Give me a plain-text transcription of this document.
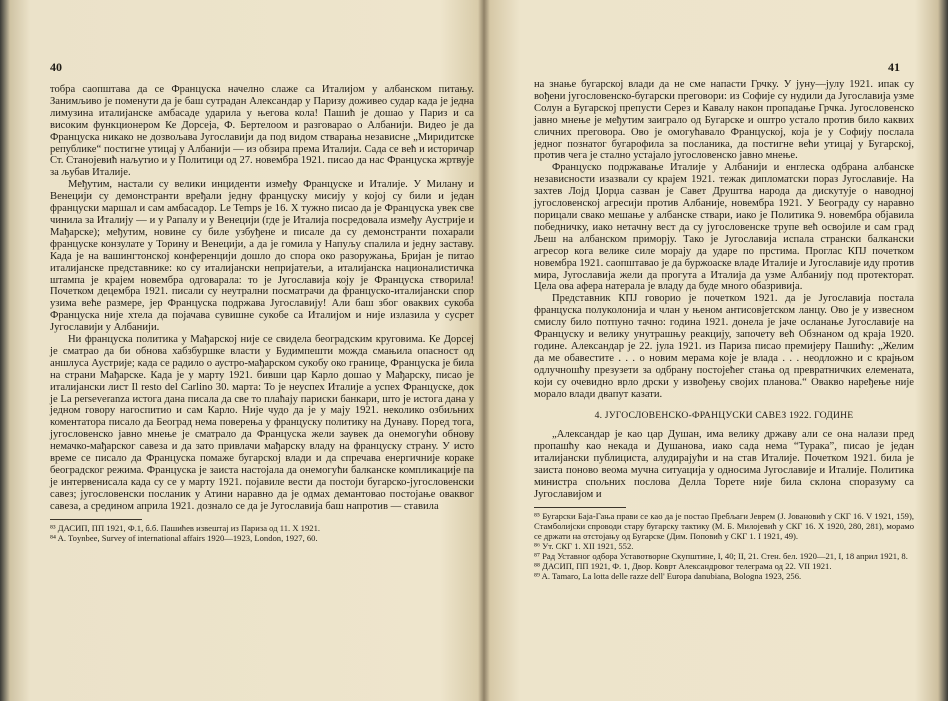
40

тобра саопштава да се Француска начелно слаже са Италијом у албанском питању. Занимљиво је поменути да је баш сутрадан Александар у Паризу доживео судар када је једна лимузина италијанске амбасаде ударила у његова кола! Пашић је дошао у Париз и са високим функционером Ке Дорсеја, Ф. Бертелоом и разговарао о Албанији. Видео је да Француска никако не дозвољава Југославији да под видом стварања независне „Миридитске републике“ постигне утицај у Албанији — из обзира према Италији. Сада се већ и историчар Ст. Станојевић наљутио и у Политици од 27. новембра 1921. писао да нас Француска жртвује за љубав Италије.

Међутим, настали су велики инциденти између Француске и Италије. У Милану и Венецији су демонстранти вређали једну француску мисију у којој су били и један француски маршал и сам амбасадор. Le Temps је 16. X тужно писао да је Француска увек све чинила за Италију — и у Рапалу и у Венецији (где је Италија посредовала између Аустрије и Мађарске); међутим, новине су биле узбуђене и писале да су демонстранти похарали француске конзулате у Торину и Венецији, а да је гомила у Напуљу спалила и једну заставу. Када је на вашингтонској конференцији дошло до спора око разоружања, Бријан је питао италијанске представнике: ко су италијански непријатељи, а италијанска националистичка штампа је крајем новембра одговарала: то је Југославија коју је Француска створила! Почетком децембра 1921. писали су неутрални посматрачи да француско-италијански спор узима веће размере, јер Француска подржава Југославију! Али баш због оваквих сукоба Француска није хтела да појачава сувишне сукобе са Италијом и није излазила у сусрет Југославији у Албанији.

Ни француска политика у Мађарској није се свидела београдским круговима. Ке Дорсеј је сматрао да би обнова хабзбуршке власти у Будимпешти можда смањила опасност од аншлуса Аустрије; када се радило о аустро-мађарском сукобу око границе, Француска је била на страни Мађарске. Када је у марту 1921. бивши цар Карло дошао у Мађарску, писао је италијански лист Il resto del Carlino 30. марта: То је неуспех Италије а успех Француске, док је La perseveranza истога дана писала да све то плаћају париски банкари, што је истога дана у једном говору нагоспитио и сам Карло. Није чудо да је у мају 1921. неколико озбиљних коментатора писало да Београд нема поверења у француску политику на Дунаву. Поред тога, југословенско јавно мнење је сматрало да Француска жели заувек да онемогући обнову немачко-мађарског савеза и да зато привлачи мађарску владу на француску страну. У исто време се писало да Француска помаже бугарској влади и да спречава енергичније кораке београдског режима. Француска је заиста настојала да онемогући балканске компликације па је интервенисала када су се у марту 1921. појавиле вести да постоји бугарско-југословенски савез; југословенски посланик у Атини наравно да је одмах демантовао постојање оваквог савеза, а средином априла 1921. дознало се да је Југославија баш напротив — ставила

⁸³ ДАСИП, ПП 1921, Ф.1, б.б. Пашићев извештај из Париза од 11. X 1921.

⁸⁴ A. Toynbee, Survey of international affairs 1920—1923, London, 1927, 60.

41

на знање бугарској влади да не сме напасти Грчку. У јуну—јулу 1921. ипак су вођени југословенско-бугарски преговори: из Софије су нудили да Југославија узме Солун а Бугарској препусти Серез и Кавалу након пропадање Грчка. Југословенско јавно мнење је међутим заиграло од Бугарске и оштро устало против било каквих сличних преговора. Ово је омогућавало Француској, која је у Софију послала једног познатог бугарофила за посланика, да постигне већи утицај у Бугарској, против чега је стално устајало југословенско јавно мнење.

Француско подржавање Италије у Албанији и енглеска одбрана албанске независности изазвали су крајем 1921. тежак дипломатски пораз Југославије. На захтев Лојд Џорџа сазван је Савет Друштва народа да дискутује о наводној југословенској агресији против Албаније, новембра 1921. У Београду су наравно порицали свако мешање у албанске ствари, иако је Политика 9. новембра објавила победничку, иако нетачну вест да су југословенске трупе већ освојиле и сам град Љеш на албанском приморју. Тако је Југославија испала странски балкански агресор кога велике силе морају да ударе по прстима. Проглас КПЈ почетком новембра 1921. саопштавао је да буржоаске владе Италије и Југославије иду против мира, Југославија жели да прогута а Италија да узме Албанију под протекторат. Цела ова афера натерала је владу да буде много обазривија.

Представник КПЈ говорио је почетком 1921. да је Југославија постала француска полуколонија и члан у њеном антисовјетском ланцу. Ово је у извесном смислу било потпуно тачно: година 1921. донела је јаче осланање Југославије на Француску и велику унутрашњу реакцију, започету већ Обзнаном од краја 1920. године. Александар је 22. јула 1921. из Париза писао премијеру Пашићу: „Желим да ме обавестите . . . о новим мерама које је влада . . . неодложно и с крајњом одлучношћу презузети за одбрану постојећег стања од превратничких елемената, који су очевидно врло дрски у извођењу својих планова.“ Овакво наређење није морало влади двапут казати.

4. ЈУГОСЛОВЕНСКО-ФРАНЦУСКИ САВЕЗ 1922. ГОДИНЕ

„Александар је као цар Душан, има велику државу али се она налази пред пропашћу као некада и Душанова, иако сада нема “Турака”, писао је један италијански публициста, алудирајући и на став Италије. Почетком 1921. била је заиста поново веома мучна ситуација у односима Југославије и Италије. Политика министра спољних послова Делла Торете није била склона споразуму са Југославијом и

⁸⁵ Бугарски Бајa-Гања прави се као да је постао Пребљаги Јеврем (Ј. Јовановић у СКГ 16. V 1921, 159), Стамболијски спроводи стару бугарску тактику (М. Б. Милојевић у СКГ 16. X 1920, 280, 281), морамо се држати на отстојању од Бугарске (Дим. Поповић у СКГ 1. I 1921, 49).

⁸⁶ Ут. СКГ 1. XII 1921, 552.

⁸⁷ Рад Уставног одбора Уставотворне Скупштине, I, 40; II, 21. Стен. бел. 1920—21, I, 18 април 1921, 8.

⁸⁸ ДАСИП, ПП 1921, Ф. 1, Двор. Коврт Александровог телеграма од 22. VII 1921.

⁸⁹ A. Tamaro, La lotta delle razze dell' Europa danubiana, Bologna 1923, 256.
